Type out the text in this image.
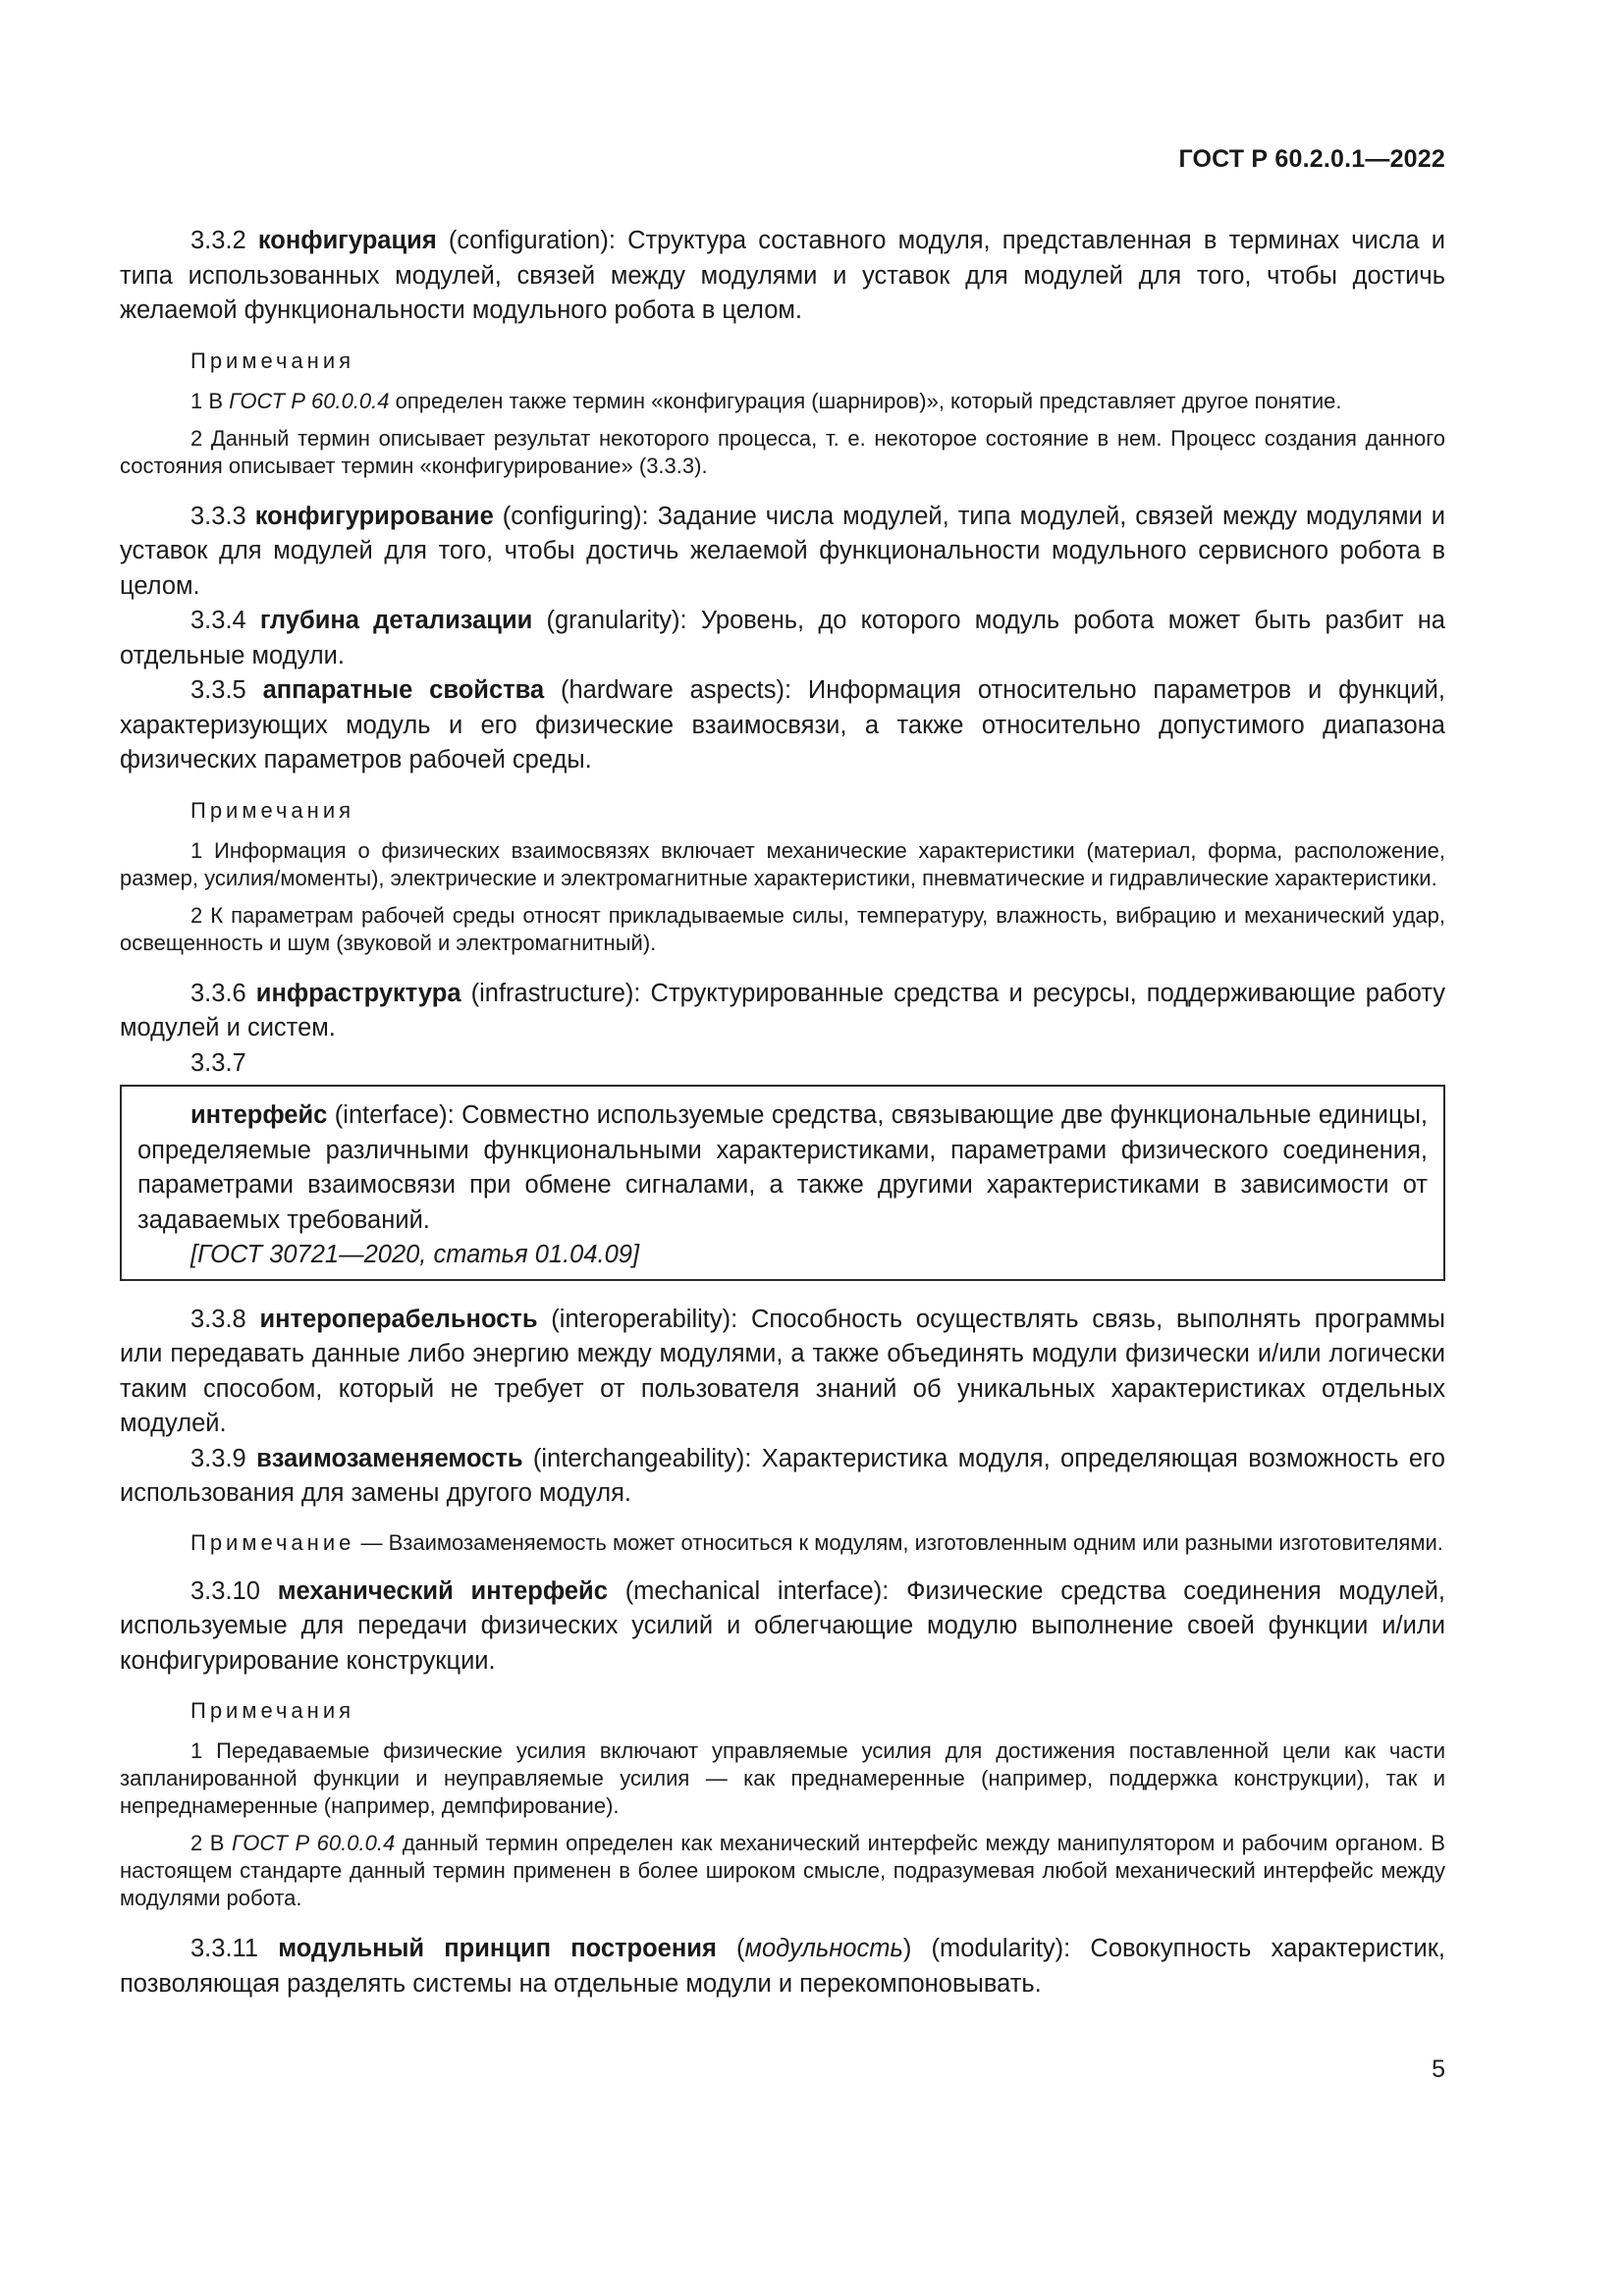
ГОСТ Р 60.2.0.1—2022

3.3.2 конфигурация (configuration): Структура составного модуля, представленная в терминах числа и типа использованных модулей, связей между модулями и уставок для модулей для того, чтобы достичь желаемой функциональности модульного робота в целом.

Примечания

1 В ГОСТ Р 60.0.0.4 определен также термин «конфигурация (шарниров)», который представляет другое понятие.

2 Данный термин описывает результат некоторого процесса, т. е. некоторое состояние в нем. Процесс создания данного состояния описывает термин «конфигурирование» (3.3.3).

3.3.3 конфигурирование (configuring): Задание числа модулей, типа модулей, связей между модулями и уставок для модулей для того, чтобы достичь желаемой функциональности модульного сервисного робота в целом.

3.3.4 глубина детализации (granularity): Уровень, до которого модуль робота может быть разбит на отдельные модули.

3.3.5 аппаратные свойства (hardware aspects): Информация относительно параметров и функций, характеризующих модуль и его физические взаимосвязи, а также относительно допустимого диапазона физических параметров рабочей среды.

Примечания

1 Информация о физических взаимосвязях включает механические характеристики (материал, форма, расположение, размер, усилия/моменты), электрические и электромагнитные характеристики, пневматические и гидравлические характеристики.

2 К параметрам рабочей среды относят прикладываемые силы, температуру, влажность, вибрацию и механический удар, освещенность и шум (звуковой и электромагнитный).

3.3.6 инфраструктура (infrastructure): Структурированные средства и ресурсы, поддерживающие работу модулей и систем.

3.3.7

интерфейс (interface): Совместно используемые средства, связывающие две функциональные единицы, определяемые различными функциональными характеристиками, параметрами физического соединения, параметрами взаимосвязи при обмене сигналами, а также другими характеристиками в зависимости от задаваемых требований.

[ГОСТ 30721—2020, статья 01.04.09]

3.3.8 интероперабельность (interoperability): Способность осуществлять связь, выполнять программы или передавать данные либо энергию между модулями, а также объединять модули физически и/или логически таким способом, который не требует от пользователя знаний об уникальных характеристиках отдельных модулей.

3.3.9 взаимозаменяемость (interchangeability): Характеристика модуля, определяющая возможность его использования для замены другого модуля.

Примечание — Взаимозаменяемость может относиться к модулям, изготовленным одним или разными изготовителями.

3.3.10 механический интерфейс (mechanical interface): Физические средства соединения модулей, используемые для передачи физических усилий и облегчающие модулю выполнение своей функции и/или конфигурирование конструкции.

Примечания

1 Передаваемые физические усилия включают управляемые усилия для достижения поставленной цели как части запланированной функции и неуправляемые усилия — как преднамеренные (например, поддержка конструкции), так и непреднамеренные (например, демпфирование).

2 В ГОСТ Р 60.0.0.4 данный термин определен как механический интерфейс между манипулятором и рабочим органом. В настоящем стандарте данный термин применен в более широком смысле, подразумевая любой механический интерфейс между модулями робота.

3.3.11 модульный принцип построения (модульность) (modularity): Совокупность характеристик, позволяющая разделять системы на отдельные модули и перекомпоновывать.

5
